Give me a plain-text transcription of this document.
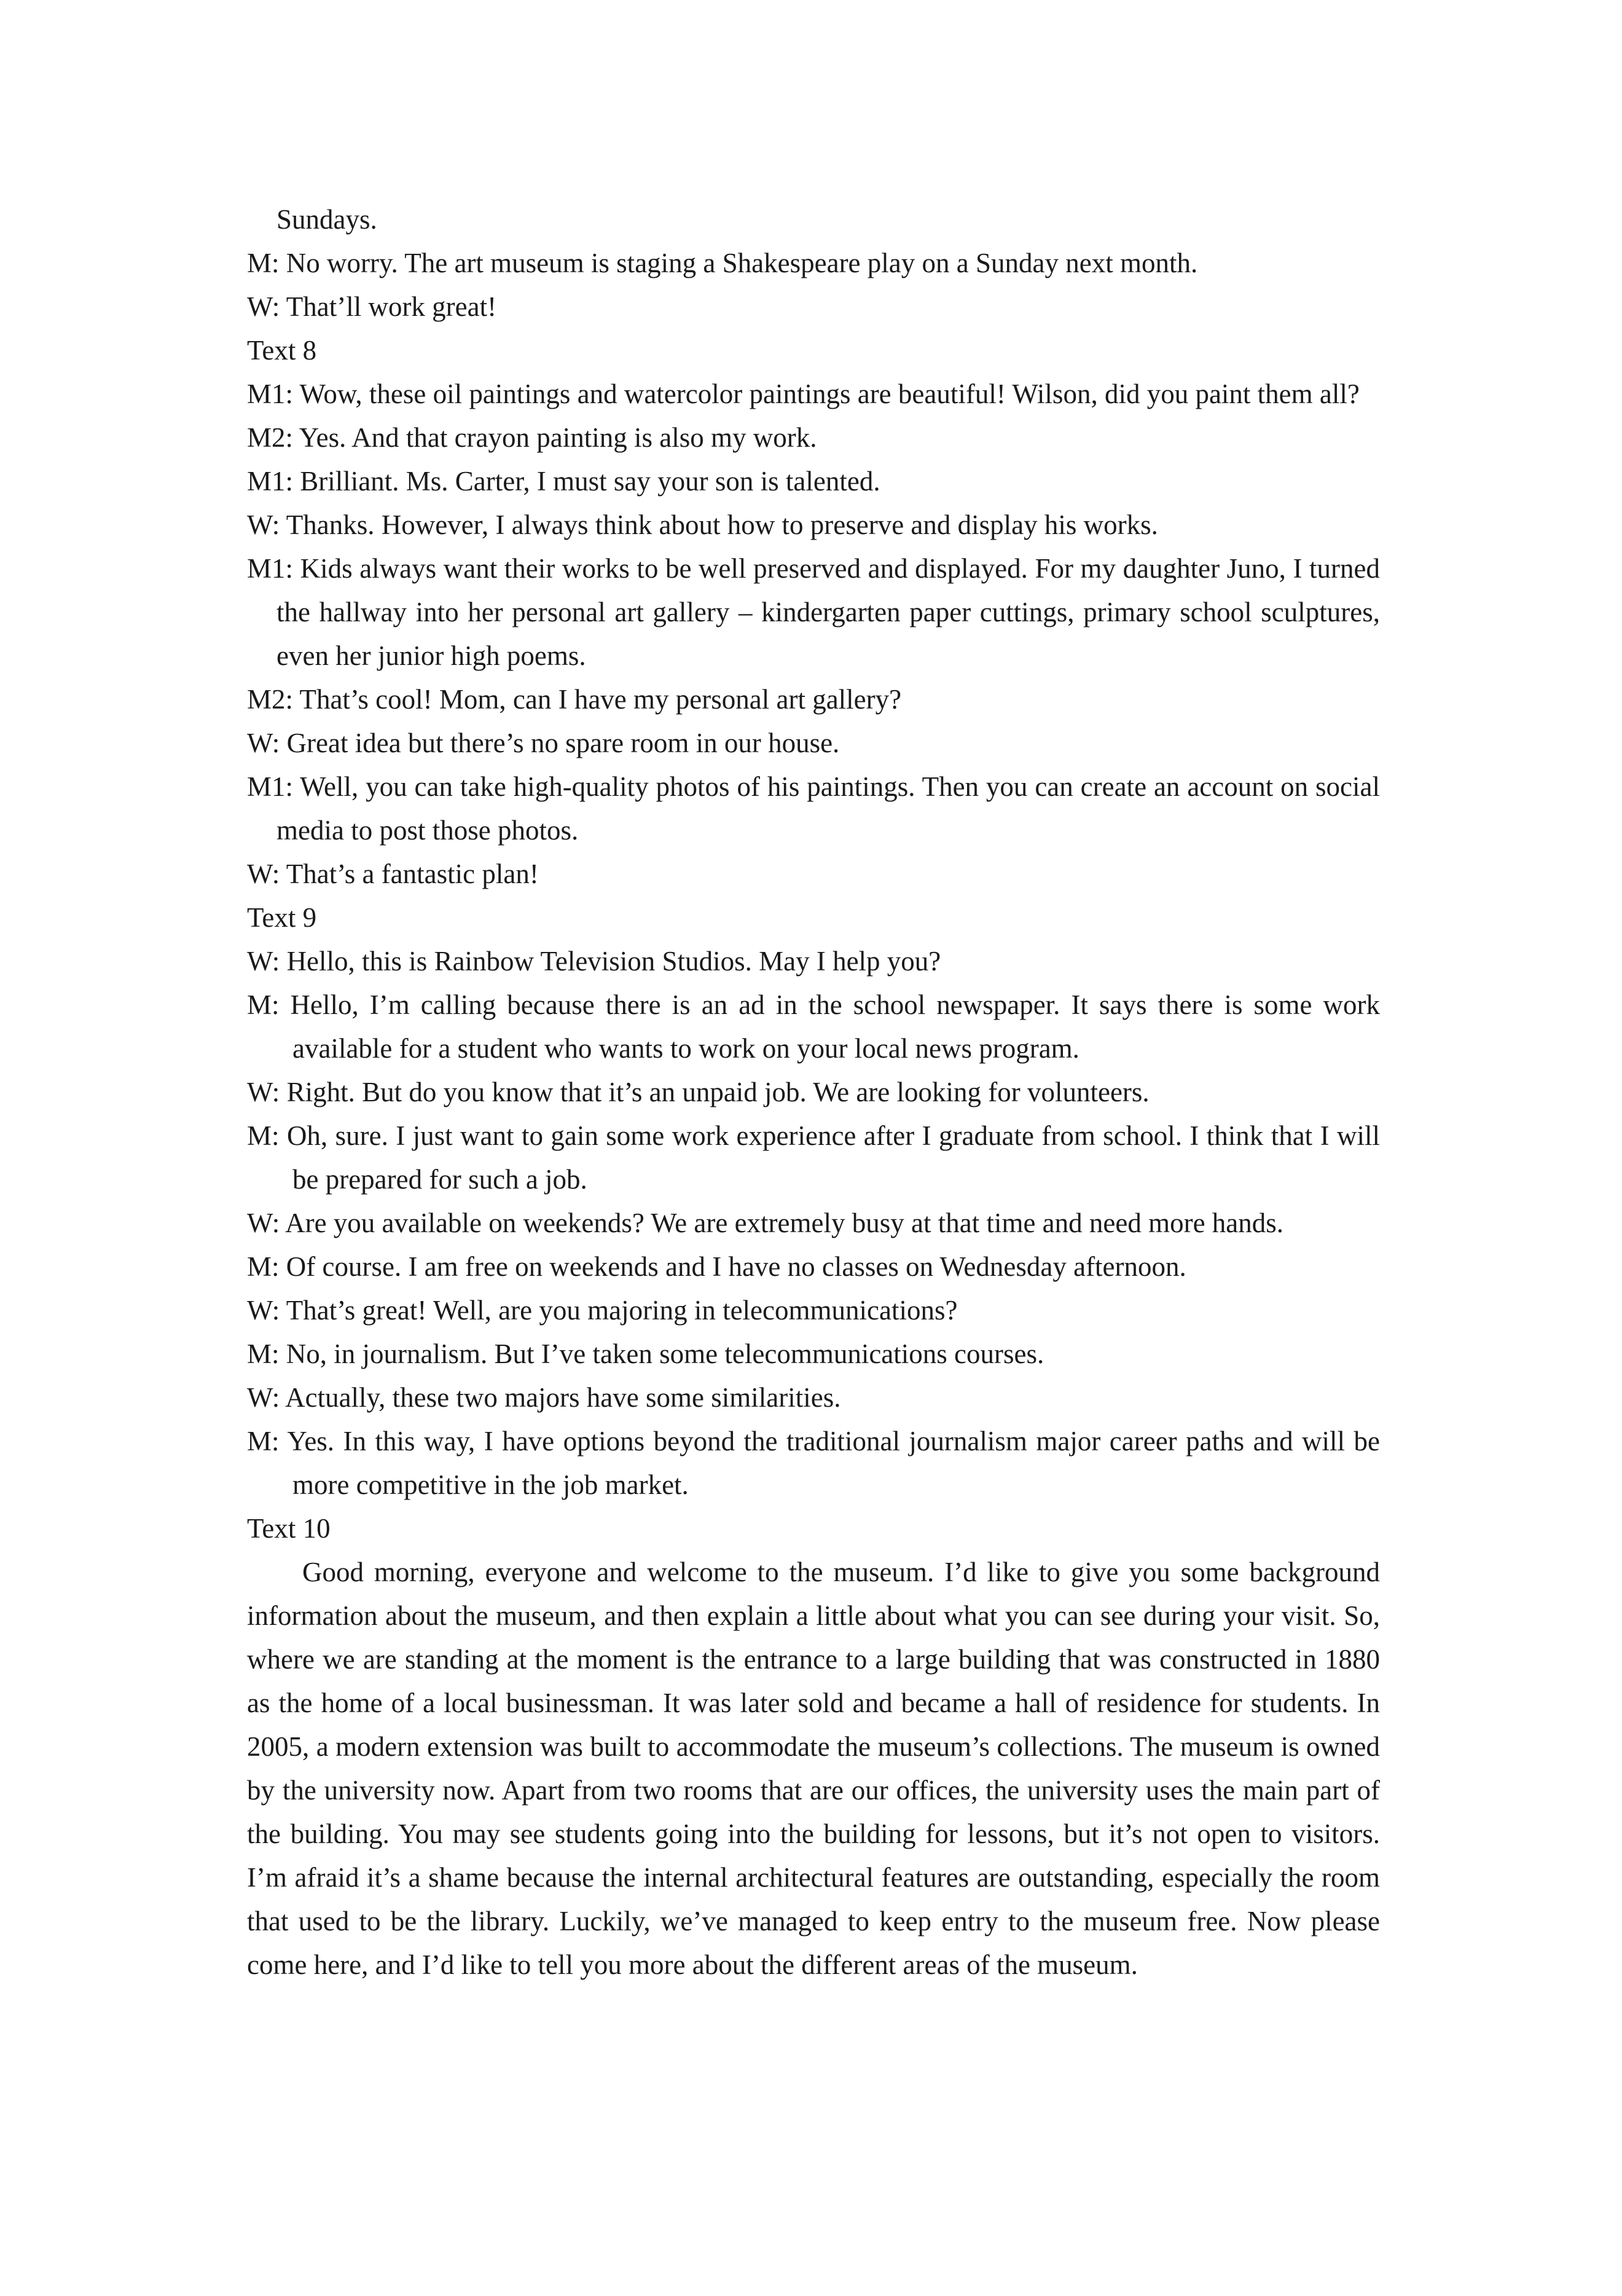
Sundays.
M: No worry. The art museum is staging a Shakespeare play on a Sunday next month.
W: That’ll work great!
Text 8
M1: Wow, these oil paintings and watercolor paintings are beautiful! Wilson, did you paint them all?
M2: Yes. And that crayon painting is also my work.
M1: Brilliant. Ms. Carter, I must say your son is talented.
W: Thanks. However, I always think about how to preserve and display his works.
M1: Kids always want their works to be well preserved and displayed. For my daughter Juno, I turned the hallway into her personal art gallery – kindergarten paper cuttings, primary school sculptures, even her junior high poems.
M2: That’s cool! Mom, can I have my personal art gallery?
W: Great idea but there’s no spare room in our house.
M1: Well, you can take high-quality photos of his paintings. Then you can create an account on social media to post those photos.
W: That’s a fantastic plan!
Text 9
W: Hello, this is Rainbow Television Studios. May I help you?
M: Hello, I’m calling because there is an ad in the school newspaper. It says there is some work available for a student who wants to work on your local news program.
W: Right. But do you know that it’s an unpaid job. We are looking for volunteers.
M: Oh, sure. I just want to gain some work experience after I graduate from school. I think that I will be prepared for such a job.
W: Are you available on weekends? We are extremely busy at that time and need more hands.
M: Of course. I am free on weekends and I have no classes on Wednesday afternoon.
W: That’s great! Well, are you majoring in telecommunications?
M: No, in journalism. But I’ve taken some telecommunications courses.
W: Actually, these two majors have some similarities.
M: Yes. In this way, I have options beyond the traditional journalism major career paths and will be more competitive in the job market.
Text 10
Good morning, everyone and welcome to the museum. I’d like to give you some background information about the museum, and then explain a little about what you can see during your visit. So, where we are standing at the moment is the entrance to a large building that was constructed in 1880 as the home of a local businessman. It was later sold and became a hall of residence for students. In 2005, a modern extension was built to accommodate the museum’s collections. The museum is owned by the university now. Apart from two rooms that are our offices, the university uses the main part of the building. You may see students going into the building for lessons, but it’s not open to visitors. I’m afraid it’s a shame because the internal architectural features are outstanding, especially the room that used to be the library. Luckily, we’ve managed to keep entry to the museum free. Now please come here, and I’d like to tell you more about the different areas of the museum.
